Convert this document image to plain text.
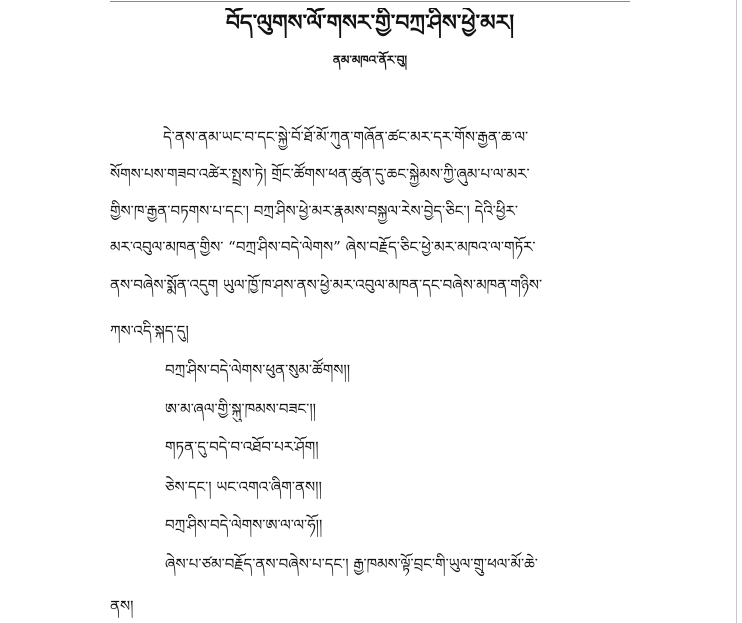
བོད་ལུགས་ལོ་གསར་གྱི་བཀྲ་ཤིས་ཕྱེ་མར།
ནམ་མཁའ་ནོར་བུ།
དེ་ནས་ནམ་ཡང་བ་དང་སྐྱེ་བོ་ཐོ་མོ་ཀུན་གཞོན་ཚང་མར་དར་གོས་རྒྱན་ཆ་ལ་
སོགས་པས་གཟབ་འཚེར་སྤྲས་ཏེ། གྲོང་ཚོགས་ཕན་ཚུན་དུ་ཆང་སྐྱེམས་ཀྱི་ཞུམ་པ་ལ་མར་
གྱིས་ཁ་རྒྱན་བཏགས་པ་དང་། བཀྲ་ཤིས་ཕྱེ་མར་རྣམས་བསྐྱལ་རེས་བྱེད་ཅིང་། དེའི་ཕྱིར་
མར་འབུལ་མཁན་གྱིས་ “བཀྲ་ཤིས་བདེ་ལེགས” ཞེས་བརྗོད་ཅིང་ཕྱེ་མར་མཁའ་ལ་གཏོར་
ནས་བཞེས་སྨོན་འདུག ཡུལ་ཁྱོ་ཁ་ཤས་ནས་ཕྱེ་མར་འབུལ་མཁན་དང་བཞེས་མཁན་གཉིས་
ཀས་འདི་སྐད་དུ།
བཀྲ་ཤིས་བདེ་ལེགས་ཕུན་སུམ་ཚོགས།།
ཨ་མ་ཞལ་གྱི་སྐུ་ཁམས་བཟང་།།
གཏན་དུ་བདེ་བ་འཐོབ་པར་ཤོག།
ཅེས་དང་། ཡང་འགའ་ཞིག་ནས།།
བཀྲ་ཤིས་བདེ་ལེགས་ཨ་ལ་ལ་ཧོ།།
ཞེས་པ་ཙམ་བརྗོད་ནས་བཞེས་པ་དང་། རྒྱ་ཁམས་ལྟོ་བྲང་གི་ཡུལ་གྲུ་ཕལ་མོ་ཆེ་
ནས།
